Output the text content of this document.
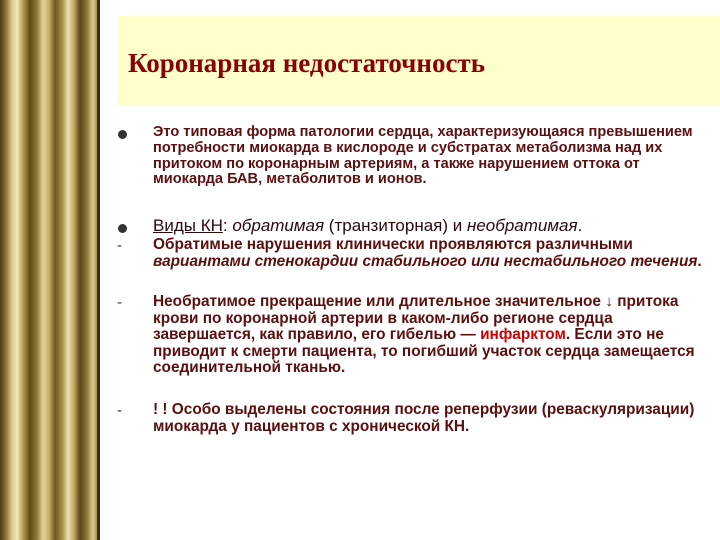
Коронарная недостаточность
Это типовая форма патологии сердца, характеризующаяся превышением потребности миокарда в кислороде и субстратах метаболизма над их притоком по коронарным артериям, а также нарушением оттока от миокарда БАВ, метаболитов и ионов.
Виды КН: обратимая (транзиторная) и необратимая.
-	Обратимые нарушения клинически проявляются различными вариантами стенокардии стабильного или нестабильного течения.
-	Необратимое прекращение или длительное значительное ↓ притока крови по коронарной артерии в каком-либо регионе сердца завершается, как правило, его гибелью — инфарктом. Если это не приводит к смерти пациента, то погибший участок сердца замещается соединительной тканью.
-	! ! Особо выделены состояния после реперфузии (реваскуляризации) миокарда у пациентов с хронической КН.
